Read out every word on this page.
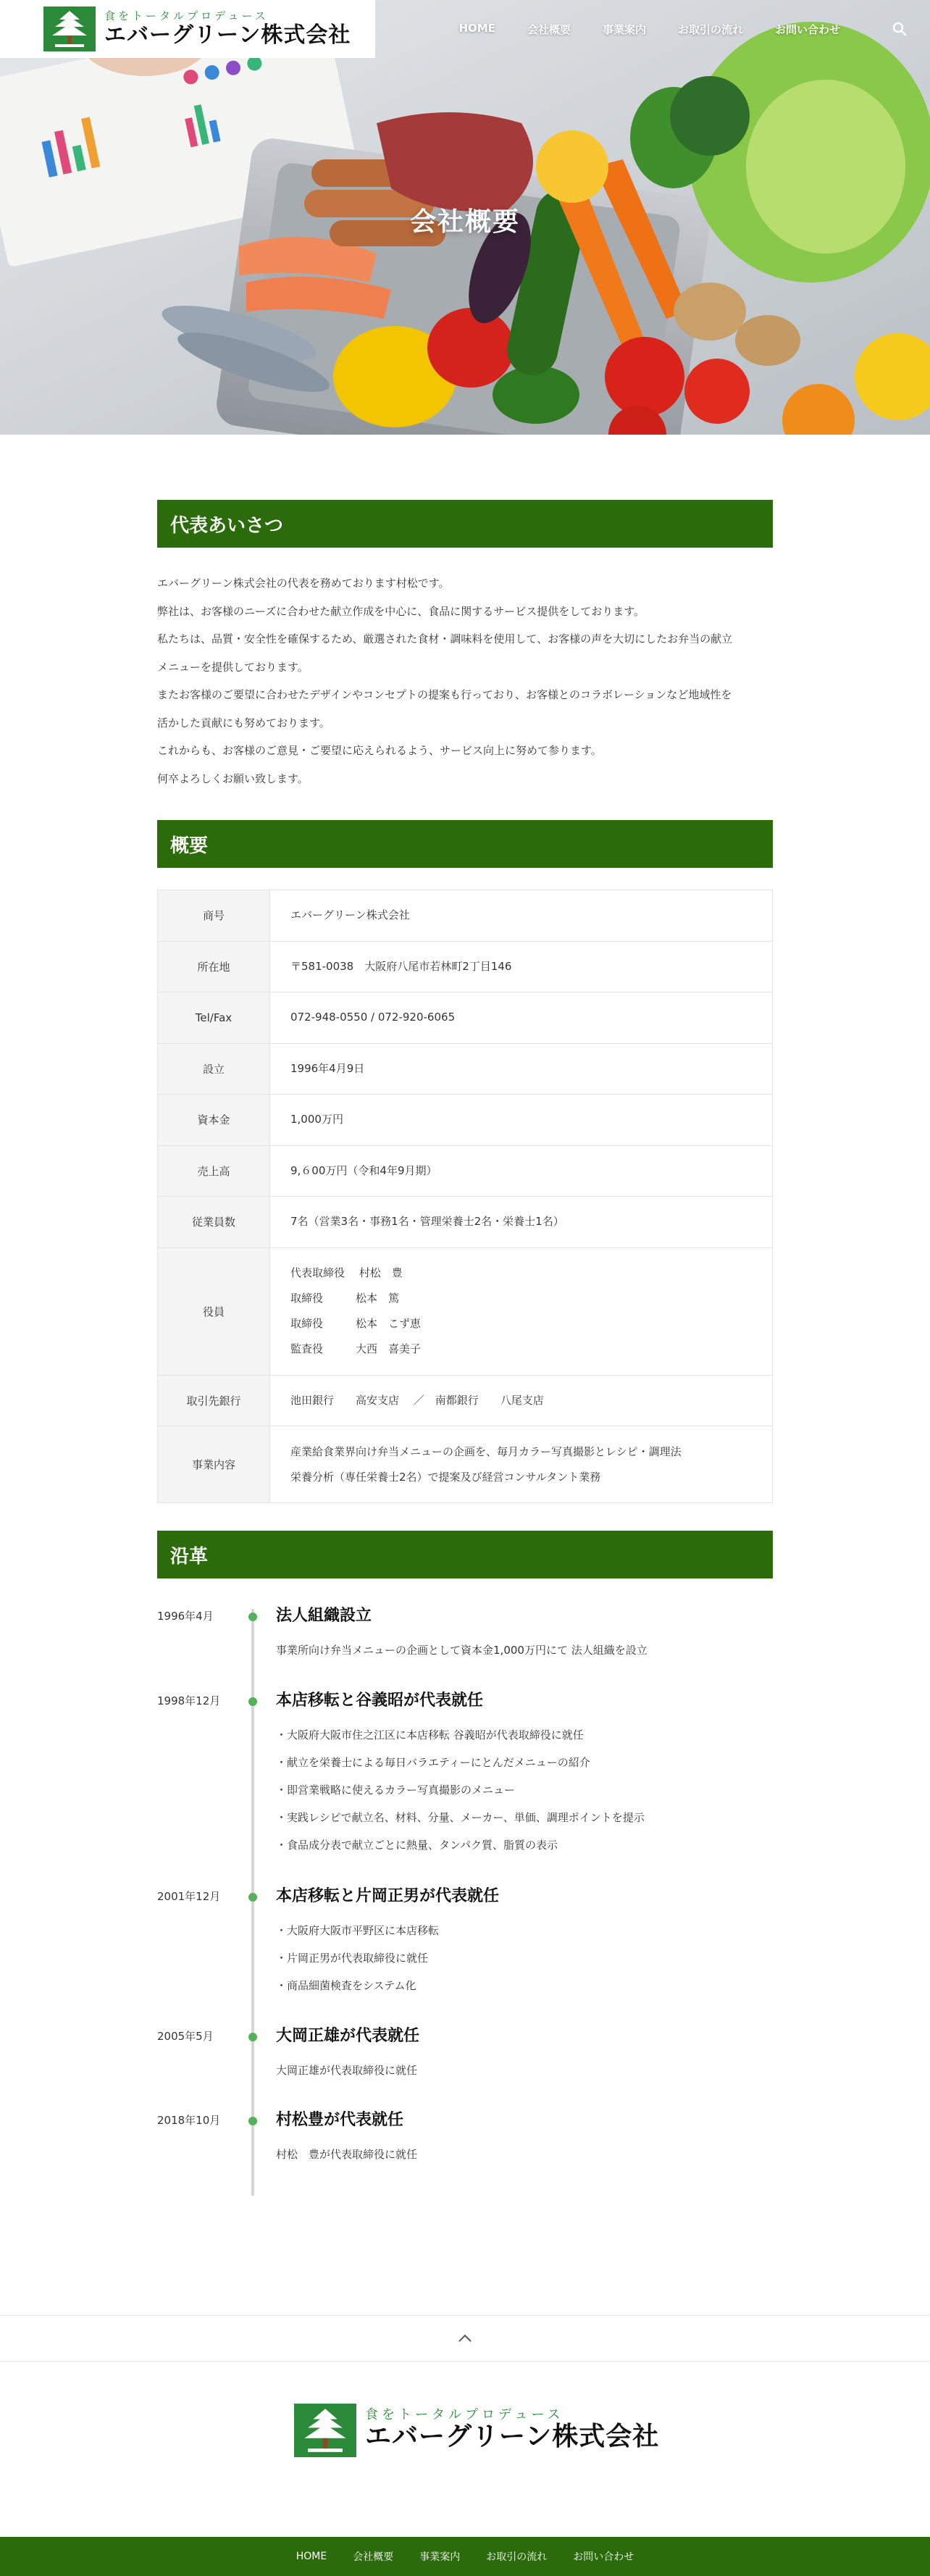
会社概要
食をトータルプロデュース
エバーグリーン株式会社	HOME	会社概要	事業案内	お取引の流れ	お問い合わせ
代表あいさつ

エバーグリーン株式会社の代表を務めております村松です。

弊社は、お客様のニーズに合わせた献立作成を中心に、食品に関するサービス提供をしております。

私たちは、品質・安全性を確保するため、厳選された食材・調味料を使用して、お客様の声を大切にしたお弁当の献立

メニューを提供しております。

またお客様のご要望に合わせたデザインやコンセプトの提案も行っており、お客様とのコラボレーションなど地域性を

活かした貢献にも努めております。

これからも、お客様のご意見・ご要望に応えられるよう、サービス向上に努めて参ります。

何卒よろしくお願い致します。

概要
商号	エバーグリーン株式会社

所在地	〒581‐0038　大阪府八尾市若林町2丁目146

Tel/Fax	072-948-0550 / 072-920-6065

設立	1996年4月9日

資本金	1,000万円

売上高	9,６00万円（令和4年9月期）

従業員数	7名（営業3名・事務1名・管理栄養士2名・栄養士1名）

役員	代表取締役　 村松　豊
取締役　　　松本　篤
取締役　　　松本　こず恵
監査役　　　大西　喜美子

取引先銀行	池田銀行　　高安支店　 ／　南都銀行　　八尾支店

事業内容	産業給食業界向け弁当メニューの企画を、毎月カラー写真撮影とレシピ・調理法
栄養分析（専任栄養士2名）で提案及び経営コンサルタント業務
沿革
1996年4月	法人組織設立
事業所向け弁当メニューの企画として資本金1,000万円にて 法人組織を設立
1998年12月	本店移転と谷義昭が代表就任
・大阪府大阪市住之江区に本店移転 谷義昭が代表取締役に就任
・献立を栄養士による毎日バラエティーにとんだメニューの紹介
・即営業戦略に使えるカラー写真撮影のメニュー
・実践レシピで献立名、材料、分量、メーカー、単価、調理ポイントを提示
・食品成分表で献立ごとに熱量、タンパク質、脂質の表示
2001年12月	本店移転と片岡正男が代表就任
・大阪府大阪市平野区に本店移転
・片岡正男が代表取締役に就任
・商品細菌検査をシステム化
2005年5月	大岡正雄が代表就任
大岡正雄が代表取締役に就任
2018年10月	村松豊が代表就任
村松　豊が代表取締役に就任
食をトータルプロデュース
エバーグリーン株式会社
HOME	会社概要	事業案内	お取引の流れ	お問い合わせ
